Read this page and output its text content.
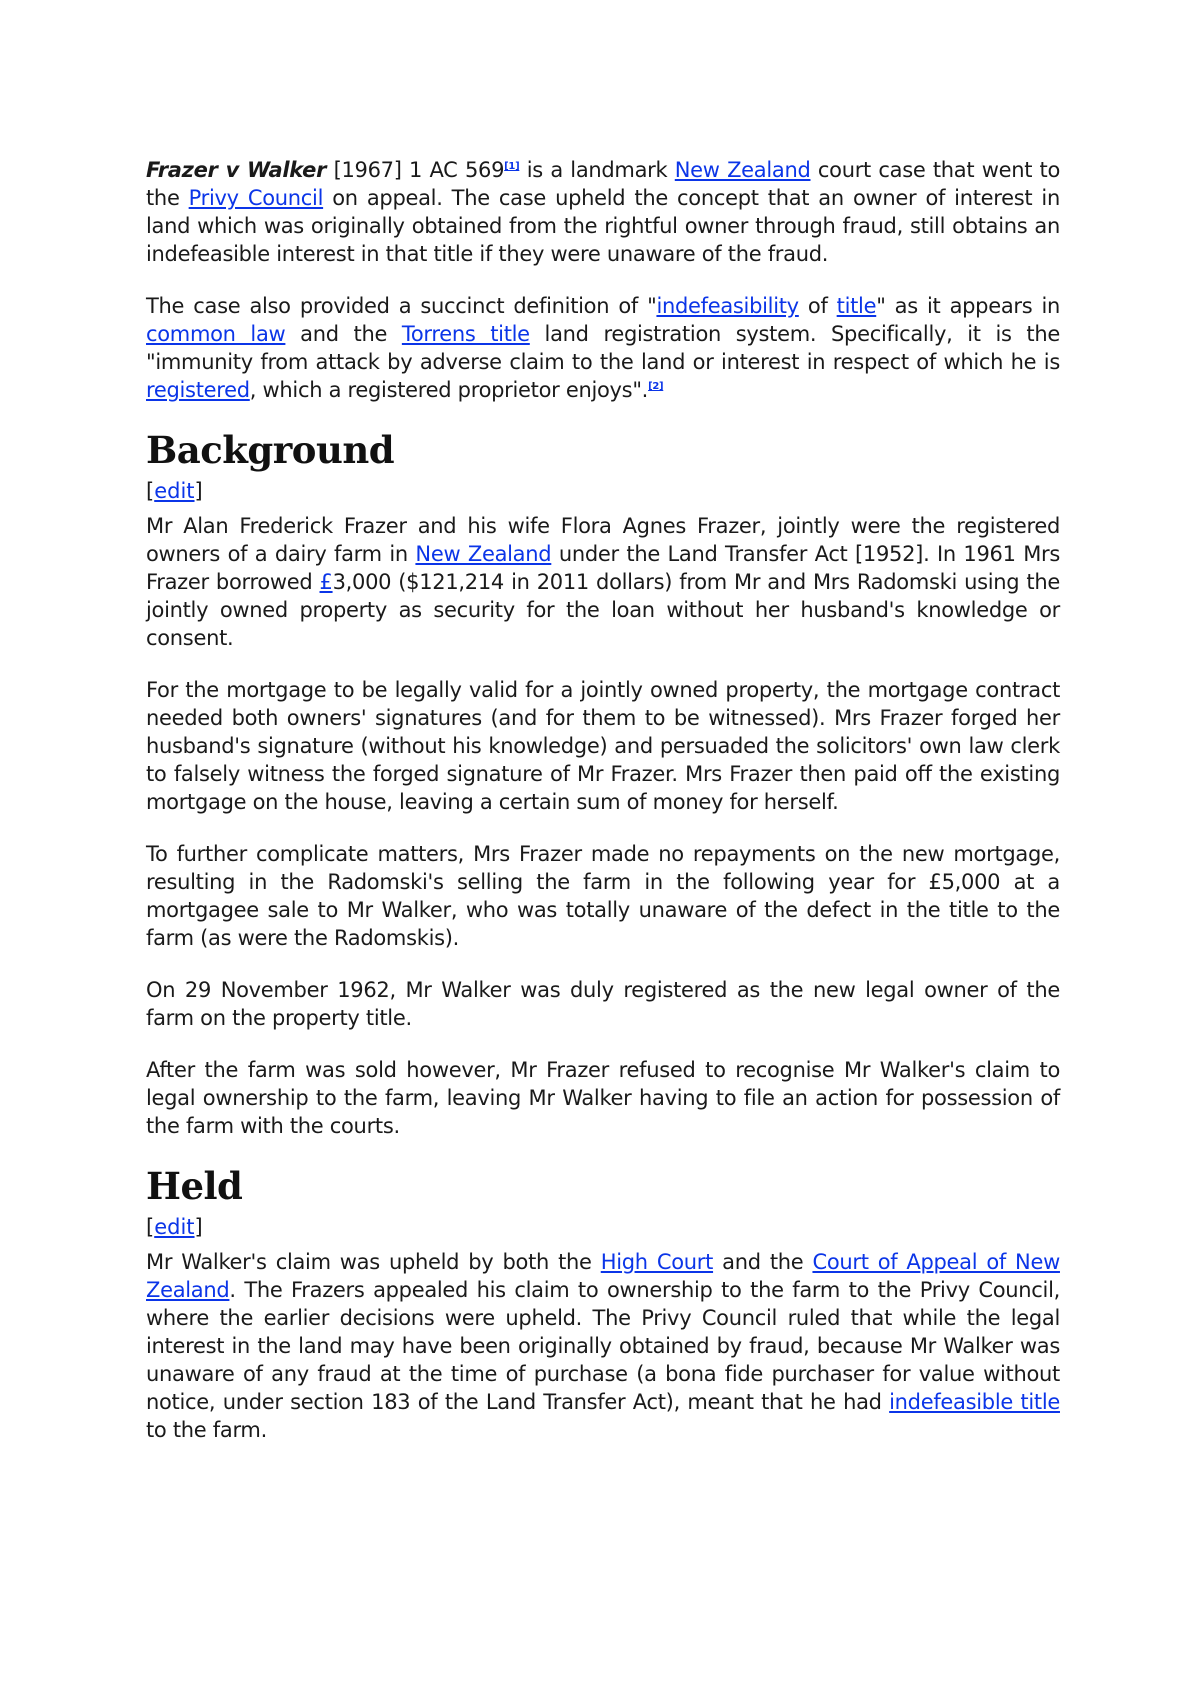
Frazer v Walker [1967] 1 AC 569[1] is a landmark New Zealand court case that went to the Privy Council on appeal. The case upheld the concept that an owner of interest in land which was originally obtained from the rightful owner through fraud, still obtains an indefeasible interest in that title if they were unaware of the fraud.

The case also provided a succinct definition of "indefeasibility of title" as it appears in common law and the Torrens title land registration system. Specifically, it is the "immunity from attack by adverse claim to the land or interest in respect of which he is registered, which a registered proprietor enjoys".[2]

Background
[edit]

Mr Alan Frederick Frazer and his wife Flora Agnes Frazer, jointly were the registered owners of a dairy farm in New Zealand under the Land Transfer Act [1952]. In 1961 Mrs Frazer borrowed £3,000 ($121,214 in 2011 dollars) from Mr and Mrs Radomski using the jointly owned property as security for the loan without her husband's knowledge or consent.

For the mortgage to be legally valid for a jointly owned property, the mortgage contract needed both owners' signatures (and for them to be witnessed). Mrs Frazer forged her husband's signature (without his knowledge) and persuaded the solicitors' own law clerk to falsely witness the forged signature of Mr Frazer. Mrs Frazer then paid off the existing mortgage on the house, leaving a certain sum of money for herself.

To further complicate matters, Mrs Frazer made no repayments on the new mortgage, resulting in the Radomski's selling the farm in the following year for £5,000 at a mortgagee sale to Mr Walker, who was totally unaware of the defect in the title to the farm (as were the Radomskis).

On 29 November 1962, Mr Walker was duly registered as the new legal owner of the farm on the property title.

After the farm was sold however, Mr Frazer refused to recognise Mr Walker's claim to legal ownership to the farm, leaving Mr Walker having to file an action for possession of the farm with the courts.

Held
[edit]

Mr Walker's claim was upheld by both the High Court and the Court of Appeal of New Zealand. The Frazers appealed his claim to ownership to the farm to the Privy Council, where the earlier decisions were upheld. The Privy Council ruled that while the legal interest in the land may have been originally obtained by fraud, because Mr Walker was unaware of any fraud at the time of purchase (a bona fide purchaser for value without notice, under section 183 of the Land Transfer Act), meant that he had indefeasible title to the farm.
